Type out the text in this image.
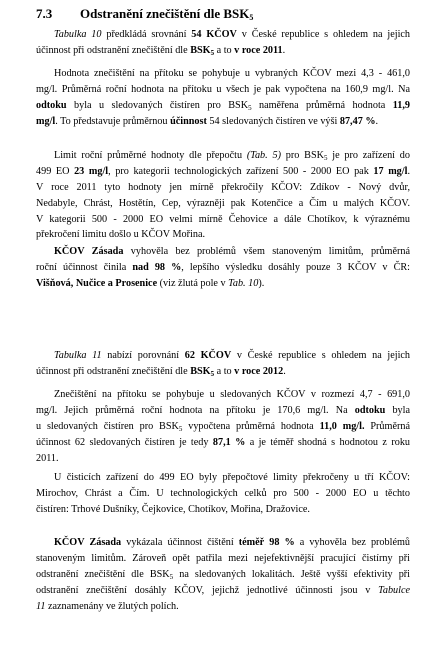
7.3 Odstranění znečištění dle $BSK_5$
Tabulka 10 předkládá srovnání 54 KČOV v České republice s ohledem na jejich
účinnost při odstranění znečištění dle $BSK_5$ a to v roce 2011.
Hodnota znečištění na přítoku se pohybuje u vybraných KČOV mezi 4,3 - 461,0
mg/l. Průměrná roční hodnota na přítoku u všech je pak vypočtena na 160,9 mg/l. Na
odtoku byla u sledovaných čistíren pro $BSK_5$ naměřena průměrná hodnota 11,9
mg/l. To představuje průměrnou účinnost 54 sledovaných čistíren ve výši 87,47 %.
Limit roční průměrné hodnoty dle přepočtu (Tab. 5) pro $BSK_5$ je pro zařízení do
499 EO 23 mg/l, pro kategorii technologických zařízení 500 - 2000 EO pak 17 mg/l.
V roce 2011 tyto hodnoty jen mírně překročily KČOV: Zdíkov - Nový dvůr,
Nedabyle, Chrást, Hostětín, Cep, výrazněji pak Kotenčice a Čím u malých KČOV.
V kategorii 500 - 2000 EO velmi mírně Čehovice a dále Chotíkov, k výraznému
překročení limitu došlo u KČOV Mořina.
KČOV Zásada vyhověla bez problémů všem stanoveným limitům, průměrná
roční účinnost činila nad 98 %, lepšího výsledku dosáhly pouze 3 KČOV v ČR:
Višňová, Nučice a Prosenice (viz žlutá pole v Tab. 10).
Tabulka 11 nabízí porovnání 62 KČOV v České republice s ohledem na jejich
účinnost při odstranění znečištění dle $BSK_5$ a to v roce 2012.
Znečištění na přítoku se pohybuje u sledovaných KČOV v rozmezí 4,7 - 691,0
mg/l. Jejich průměrná roční hodnota na přítoku je 170,6 mg/l. Na odtoku byla
u sledovaných čistíren pro $BSK_5$ vypočtena průměrná hodnota 11,0 mg/l. Průměrná
účinnost 62 sledovaných čistíren je tedy 87,1 % a je téměř shodná s hodnotou z roku
2011.
U čisticích zařízení do 499 EO byly přepočtové limity překročeny u tří KČOV:
Mirochov, Chrást a Čím. U technologických celků pro 500 - 2000 EO u těchto
čistíren: Trhové Dušníky, Čejkovice, Chotíkov, Mořina, Dražovice.
KČOV Zásada vykázala účinnost čištění téměř 98 % a vyhověla bez problémů
stanoveným limitům. Zároveň opět patřila mezi nejefektivnější pracující čistírny při
odstranění znečištění dle $BSK_5$ na sledovaných lokalitách. Ještě vyšší efektivity při
odstranění znečištění dosáhly KČOV, jejichž jednotlivé účinnosti jsou v Tabulce
11 zaznamenány ve žlutých polích.
